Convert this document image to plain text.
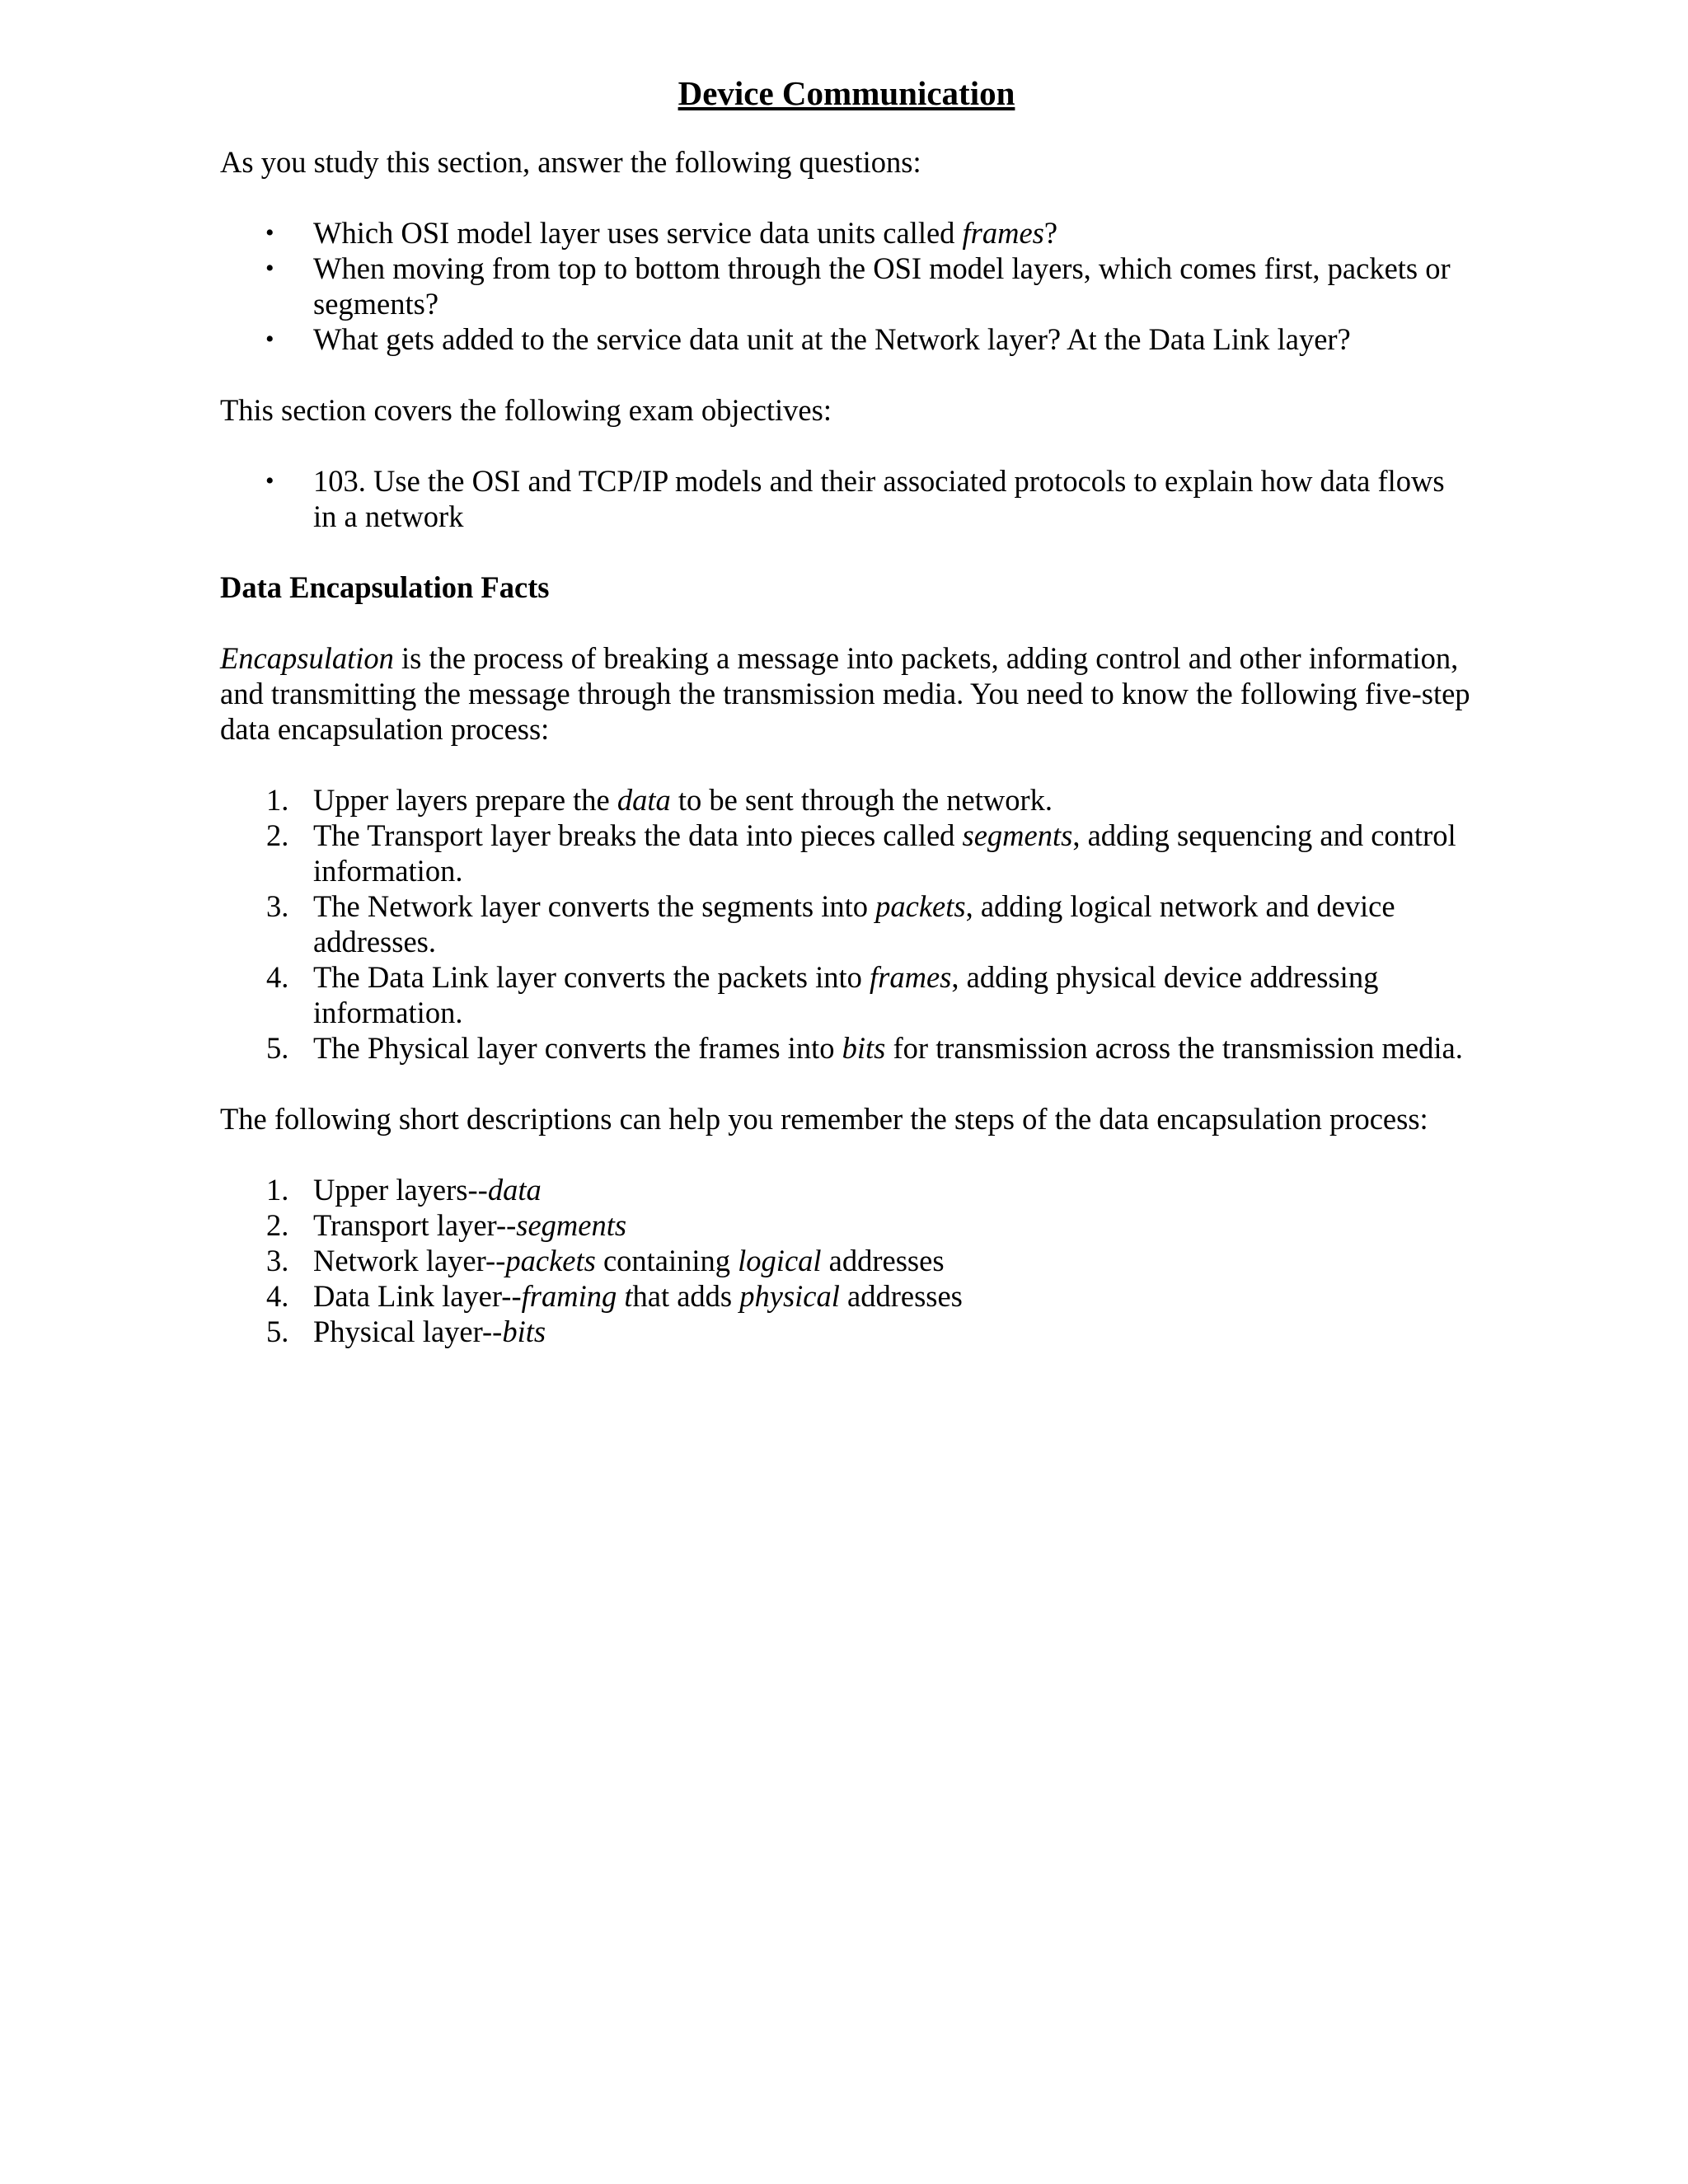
Device Communication

As you study this section, answer the following questions:

• Which OSI model layer uses service data units called frames?
• When moving from top to bottom through the OSI model layers, which comes first, packets or segments?
• What gets added to the service data unit at the Network layer? At the Data Link layer?

This section covers the following exam objectives:

• 103. Use the OSI and TCP/IP models and their associated protocols to explain how data flows in a network

Data Encapsulation Facts

Encapsulation is the process of breaking a message into packets, adding control and other information, and transmitting the message through the transmission media. You need to know the following five-step data encapsulation process:

1. Upper layers prepare the data to be sent through the network.
2. The Transport layer breaks the data into pieces called segments, adding sequencing and control information.
3. The Network layer converts the segments into packets, adding logical network and device addresses.
4. The Data Link layer converts the packets into frames, adding physical device addressing information.
5. The Physical layer converts the frames into bits for transmission across the transmission media.

The following short descriptions can help you remember the steps of the data encapsulation process:

1. Upper layers--data
2. Transport layer--segments
3. Network layer--packets containing logical addresses
4. Data Link layer--framing that adds physical addresses
5. Physical layer--bits
